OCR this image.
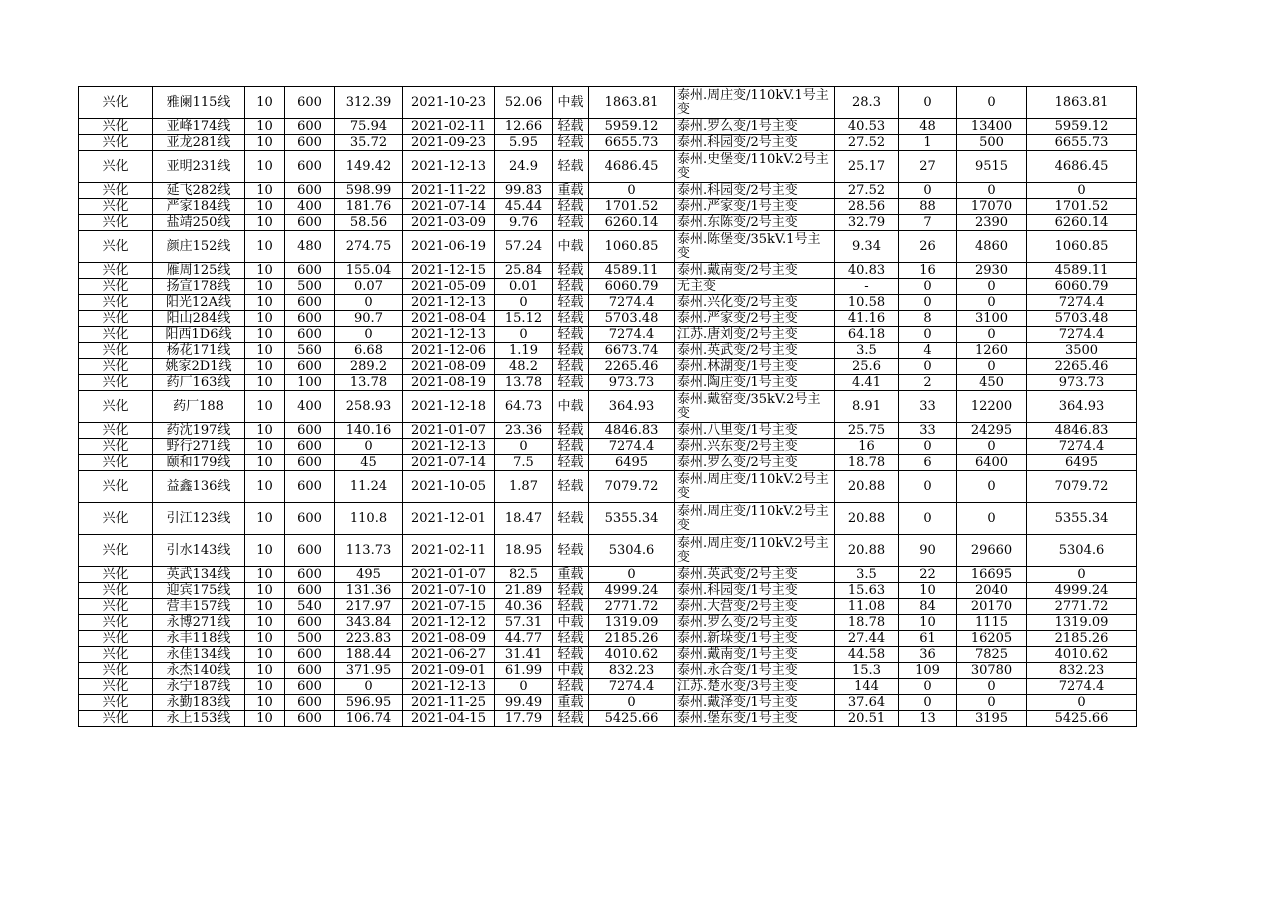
兴化	雅阑115线	10	600	312.39	2021-10-23	52.06	中载	1863.81	泰州.周庄变/110kV.1号主变	28.3	0	0	1863.81
兴化	亚峰174线	10	600	75.94	2021-02-11	12.66	轻载	5959.12	泰州.罗么变/1号主变	40.53	48	13400	5959.12
兴化	亚龙281线	10	600	35.72	2021-09-23	5.95	轻载	6655.73	泰州.科园变/2号主变	27.52	1	500	6655.73
兴化	亚明231线	10	600	149.42	2021-12-13	24.9	轻载	4686.45	泰州.史堡变/110kV.2号主变	25.17	27	9515	4686.45
兴化	延飞282线	10	600	598.99	2021-11-22	99.83	重载	0	泰州.科园变/2号主变	27.52	0	0	0
兴化	严家184线	10	400	181.76	2021-07-14	45.44	轻载	1701.52	泰州.严家变/1号主变	28.56	88	17070	1701.52
兴化	盐靖250线	10	600	58.56	2021-03-09	9.76	轻载	6260.14	泰州.东陈变/2号主变	32.79	7	2390	6260.14
兴化	颜庄152线	10	480	274.75	2021-06-19	57.24	中载	1060.85	泰州.陈堡变/35kV.1号主变	9.34	26	4860	1060.85
兴化	雁周125线	10	600	155.04	2021-12-15	25.84	轻载	4589.11	泰州.戴南变/2号主变	40.83	16	2930	4589.11
兴化	扬宣178线	10	500	0.07	2021-05-09	0.01	轻载	6060.79	无主变	-	0	0	6060.79
兴化	阳光12A线	10	600	0	2021-12-13	0	轻载	7274.4	泰州.兴化变/2号主变	10.58	0	0	7274.4
兴化	阳山284线	10	600	90.7	2021-08-04	15.12	轻载	5703.48	泰州.严家变/2号主变	41.16	8	3100	5703.48
兴化	阳西1D6线	10	600	0	2021-12-13	0	轻载	7274.4	江苏.唐刘变/2号主变	64.18	0	0	7274.4
兴化	杨花171线	10	560	6.68	2021-12-06	1.19	轻载	6673.74	泰州.英武变/2号主变	3.5	4	1260	3500
兴化	姚家2D1线	10	600	289.2	2021-08-09	48.2	轻载	2265.46	泰州.林湖变/1号主变	25.6	0	0	2265.46
兴化	药厂163线	10	100	13.78	2021-08-19	13.78	轻载	973.73	泰州.陶庄变/1号主变	4.41	2	450	973.73
兴化	药厂188	10	400	258.93	2021-12-18	64.73	中载	364.93	泰州.戴窑变/35kV.2号主变	8.91	33	12200	364.93
兴化	药沈197线	10	600	140.16	2021-01-07	23.36	轻载	4846.83	泰州.八里变/1号主变	25.75	33	24295	4846.83
兴化	野行271线	10	600	0	2021-12-13	0	轻载	7274.4	泰州.兴东变/2号主变	16	0	0	7274.4
兴化	颐和179线	10	600	45	2021-07-14	7.5	轻载	6495	泰州.罗么变/2号主变	18.78	6	6400	6495
兴化	益鑫136线	10	600	11.24	2021-10-05	1.87	轻载	7079.72	泰州.周庄变/110kV.2号主变	20.88	0	0	7079.72
兴化	引江123线	10	600	110.8	2021-12-01	18.47	轻载	5355.34	泰州.周庄变/110kV.2号主变	20.88	0	0	5355.34
兴化	引水143线	10	600	113.73	2021-02-11	18.95	轻载	5304.6	泰州.周庄变/110kV.2号主变	20.88	90	29660	5304.6
兴化	英武134线	10	600	495	2021-01-07	82.5	重载	0	泰州.英武变/2号主变	3.5	22	16695	0
兴化	迎宾175线	10	600	131.36	2021-07-10	21.89	轻载	4999.24	泰州.科园变/1号主变	15.63	10	2040	4999.24
兴化	营丰157线	10	540	217.97	2021-07-15	40.36	轻载	2771.72	泰州.大营变/2号主变	11.08	84	20170	2771.72
兴化	永博271线	10	600	343.84	2021-12-12	57.31	中载	1319.09	泰州.罗么变/2号主变	18.78	10	1115	1319.09
兴化	永丰118线	10	500	223.83	2021-08-09	44.77	轻载	2185.26	泰州.新垛变/1号主变	27.44	61	16205	2185.26
兴化	永佳134线	10	600	188.44	2021-06-27	31.41	轻载	4010.62	泰州.戴南变/1号主变	44.58	36	7825	4010.62
兴化	永杰140线	10	600	371.95	2021-09-01	61.99	中载	832.23	泰州.永合变/1号主变	15.3	109	30780	832.23
兴化	永宁187线	10	600	0	2021-12-13	0	轻载	7274.4	江苏.楚水变/3号主变	144	0	0	7274.4
兴化	永勤183线	10	600	596.95	2021-11-25	99.49	重载	0	泰州.戴泽变/1号主变	37.64	0	0	0
兴化	永上153线	10	600	106.74	2021-04-15	17.79	轻载	5425.66	泰州.堡东变/1号主变	20.51	13	3195	5425.66
